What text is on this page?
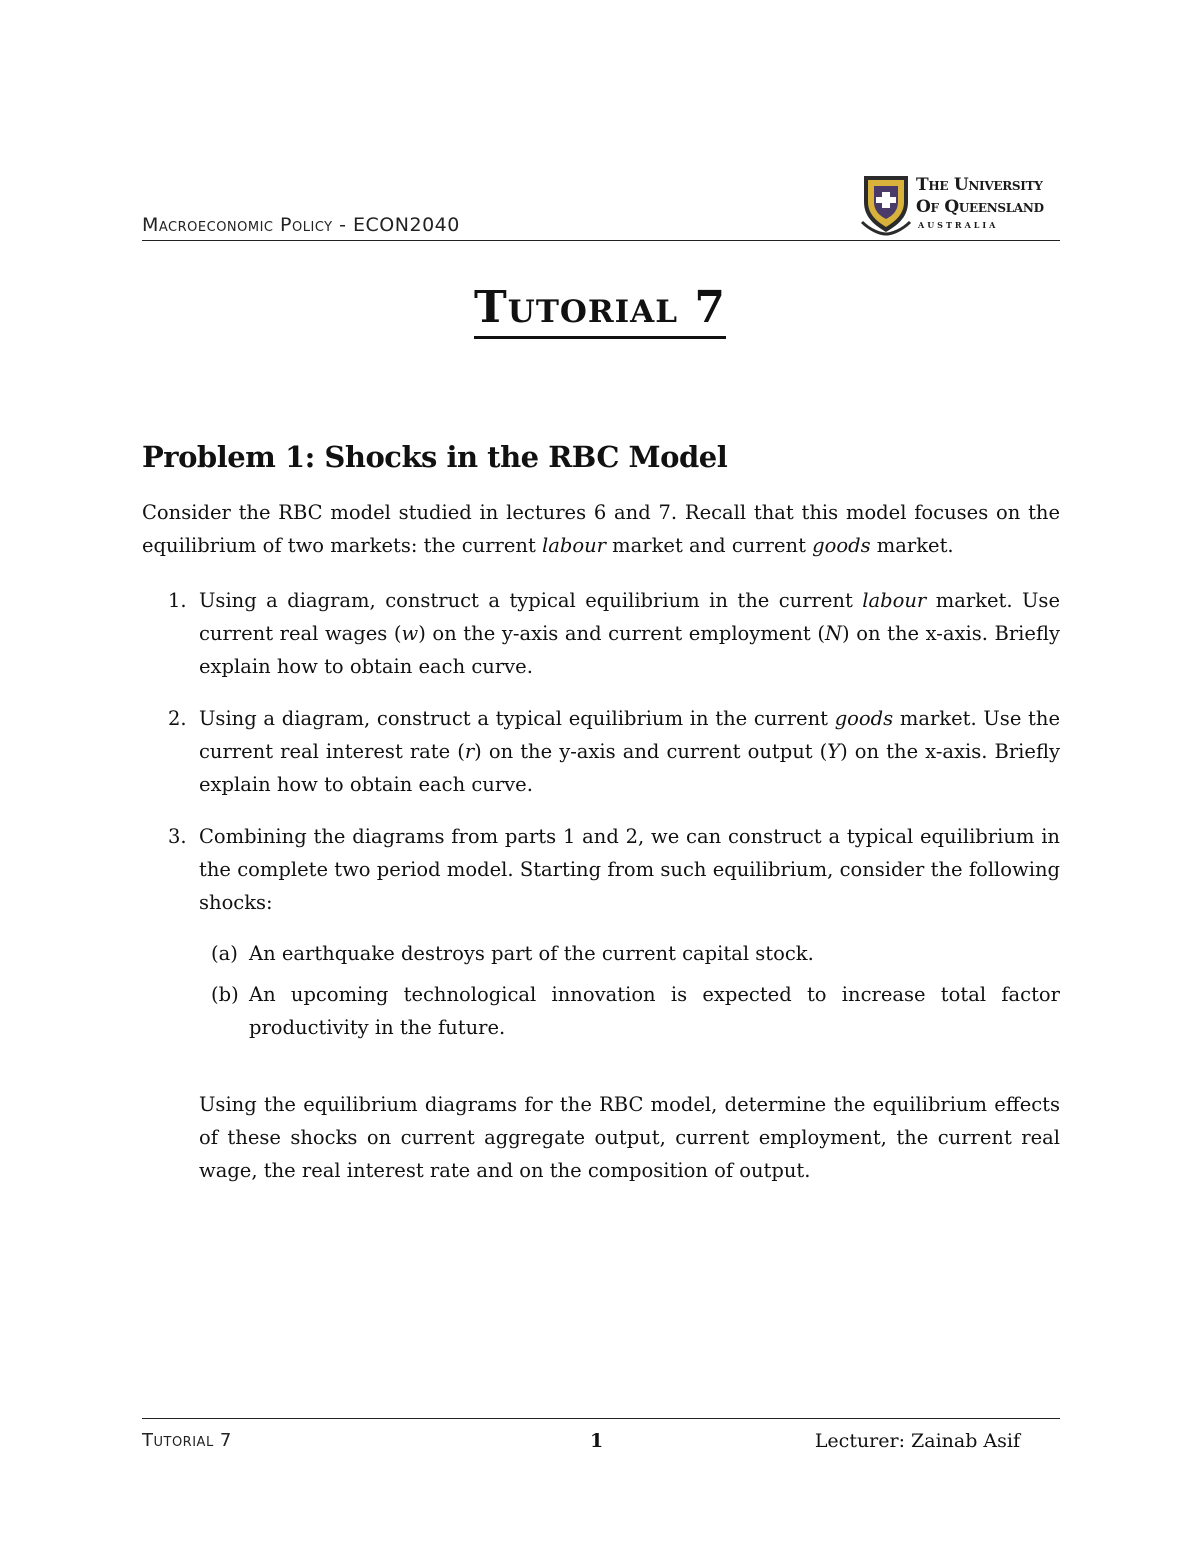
Macroeconomic Policy - ECON2040
The University
Of Queensland
AUSTRALIA
Tutorial 7
Problem 1: Shocks in the RBC Model

Consider the RBC model studied in lectures 6 and 7. Recall that this model focuses on the equilibrium of two markets: the current labour market and current goods market.

1. Using a diagram, construct a typical equilibrium in the current labour market. Use current real wages (w) on the y-axis and current employment (N) on the x-axis. Briefly explain how to obtain each curve.

2. Using a diagram, construct a typical equilibrium in the current goods market. Use the current real interest rate (r) on the y-axis and current output (Y) on the x-axis. Briefly explain how to obtain each curve.

3. Combining the diagrams from parts 1 and 2, we can construct a typical equilibrium in the complete two period model. Starting from such equilibrium, consider the following shocks:

(a) An earthquake destroys part of the current capital stock.

(b) An upcoming technological innovation is expected to increase total factor productivity in the future.

Using the equilibrium diagrams for the RBC model, determine the equilibrium effects of these shocks on current aggregate output, current employment, the current real wage, the real interest rate and on the composition of output.

Tutorial 7	1	Lecturer: Zainab Asif
